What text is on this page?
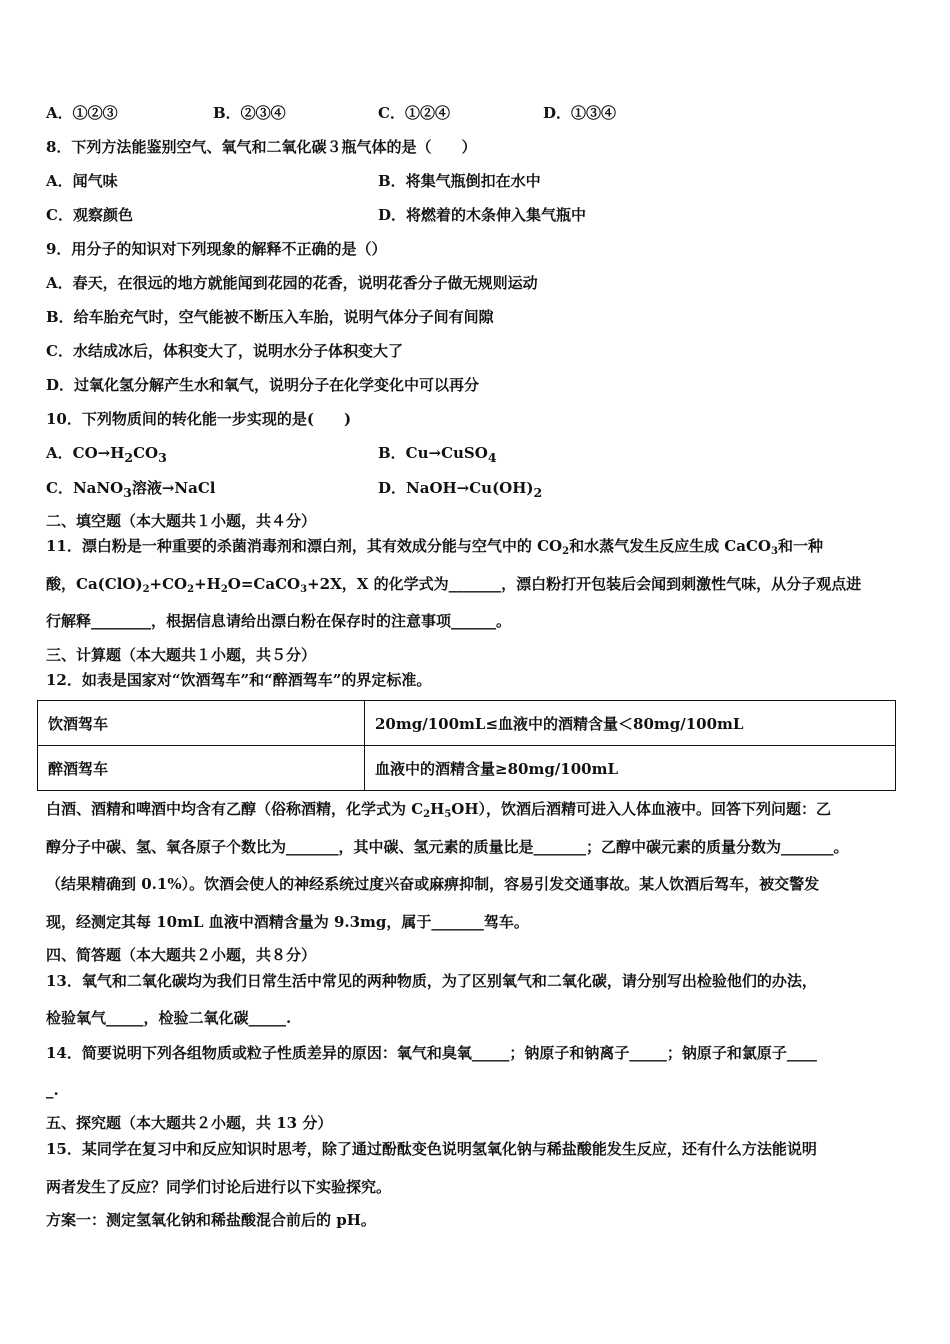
A．①②③	B．②③④	C．①②④	D．①③④
8．下列方法能鉴别空气、氧气和二氧化碳３瓶气体的是（　　）
A．闻气味	B．将集气瓶倒扣在水中
C．观察颜色	D．将燃着的木条伸入集气瓶中
9．用分子的知识对下列现象的解释不正确的是（）
A．春天，在很远的地方就能闻到花园的花香，说明花香分子做无规则运动
B．给车胎充气时，空气能被不断压入车胎，说明气体分子间有间隙
C．水结成冰后，体积变大了，说明水分子体积变大了
D．过氧化氢分解产生水和氧气，说明分子在化学变化中可以再分
10．下列物质间的转化能一步实现的是(　　)
A．$CO\to H_2CO_3$	B．Cu→CuSO$_4$
C．NaNO$_3$溶液→NaCl	D．$NaOH\to Cu(OH)_2$
二、填空题（本大题共１小题，共４分）
11．漂白粉是一种重要的杀菌消毒剂和漂白剂，其有效成分能与空气中的 $CO_2$和水蒸气发生反应生成 CaCO$_3$和一种
酸，$Ca(ClO)_2+CO_2+H_2O=CaCO_3+2X$，X 的化学式为_______，漂白粉打开包装后会闻到刺激性气味，从分子观点进
行解释________，根据信息请给出漂白粉在保存时的注意事项______。
三、计算题（本大题共１小题，共５分）
12．如表是国家对“饮酒驾车”和“醉酒驾车”的界定标准。
饮酒驾车	20mg/100mL≤血液中的酒精含量＜80mg/100mL
醉酒驾车	血液中的酒精含量≥80mg/100mL
白酒、酒精和啤酒中均含有乙醇（俗称酒精，化学式为 $C_2H_5OH$），饮酒后酒精可进入人体血液中。回答下列问题：乙
醇分子中碳、氢、氧各原子个数比为_______，其中碳、氢元素的质量比是_______；乙醇中碳元素的质量分数为_______。
（结果精确到 0.1%）。饮酒会使人的神经系统过度兴奋或麻痹抑制，容易引发交通事故。某人饮酒后驾车，被交警发
现，经测定其每 10mL 血液中酒精含量为 9.3mg，属于_______驾车。
四、简答题（本大题共２小题，共８分）
13．氧气和二氧化碳均为我们日常生活中常见的两种物质，为了区别氧气和二氧化碳，请分别写出检验他们的办法，
检验氧气_____，检验二氧化碳_____.
14．简要说明下列各组物质或粒子性质差异的原因：氧气和臭氧_____；钠原子和钠离子_____；钠原子和氯原子____
_.
五、探究题（本大题共２小题，共 13 分）
15．某同学在复习中和反应知识时思考，除了通过酚酞变色说明氢氧化钠与稀盐酸能发生反应，还有什么方法能说明
两者发生了反应？同学们讨论后进行以下实验探究。
方案一：测定氢氧化钠和稀盐酸混合前后的 pH。
